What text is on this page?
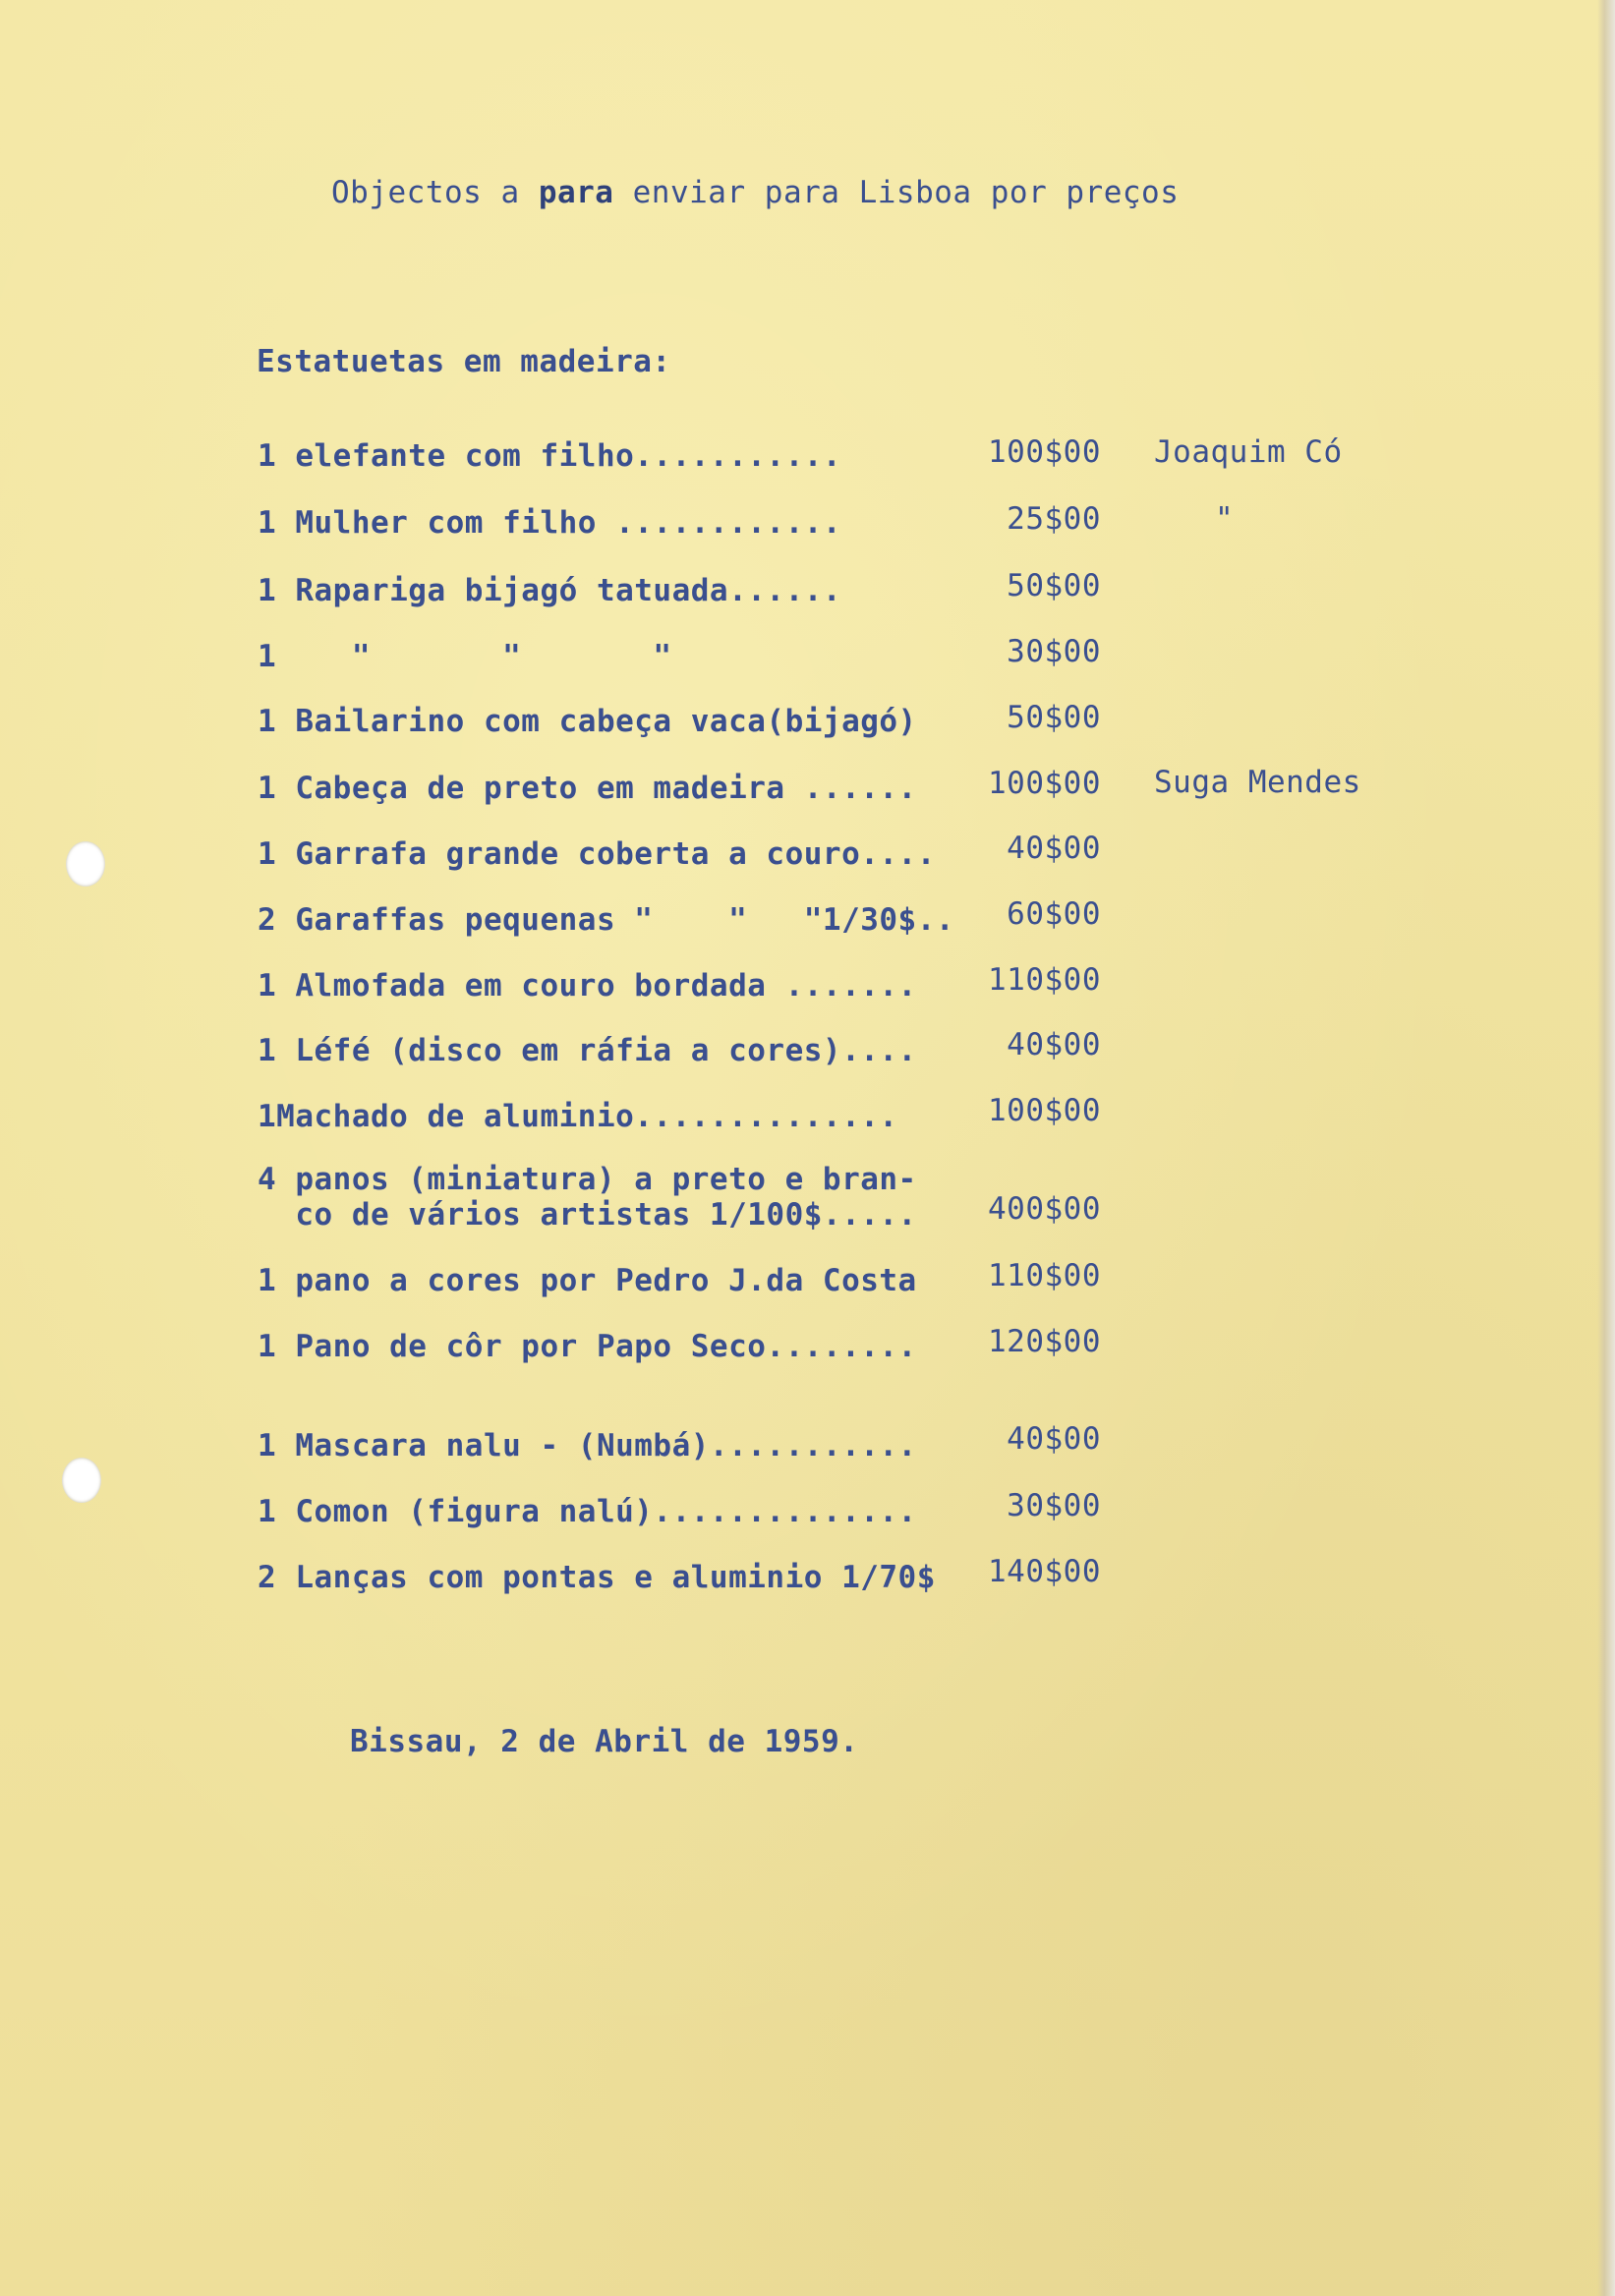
Objectos a para enviar para Lisboa por preços
Estatuetas em madeira:
1 elefante com filho...........	100$00 Joaquim Có
1 Mulher com filho ............	25$00	"
1 Rapariga bijagó tatuada......	50$00
1    "       "       "	30$00
1 Bailarino com cabeça vaca(bijagó)	50$00
1 Cabeça de preto em madeira ......	100$00 Suga Mendes
1 Garrafa grande coberta a couro....	40$00
2 Garaffas pequenas "    "   "1/30$..	60$00
1 Almofada em couro bordada .......	110$00
1 Léfé (disco em ráfia a cores)....	40$00
1Machado de aluminio..............	100$00
4 panos (miniatura) a preto e bran-
co de vários artistas 1/100$.....	400$00
1 pano a cores por Pedro J.da Costa	110$00
1 Pano de côr por Papo Seco........	120$00
1 Mascara nalu - (Numbá)...........	40$00
1 Comon (figura nalú)..............	30$00
2 Lanças com pontas e aluminio 1/70$	140$00
Bissau, 2 de Abril de 1959.
